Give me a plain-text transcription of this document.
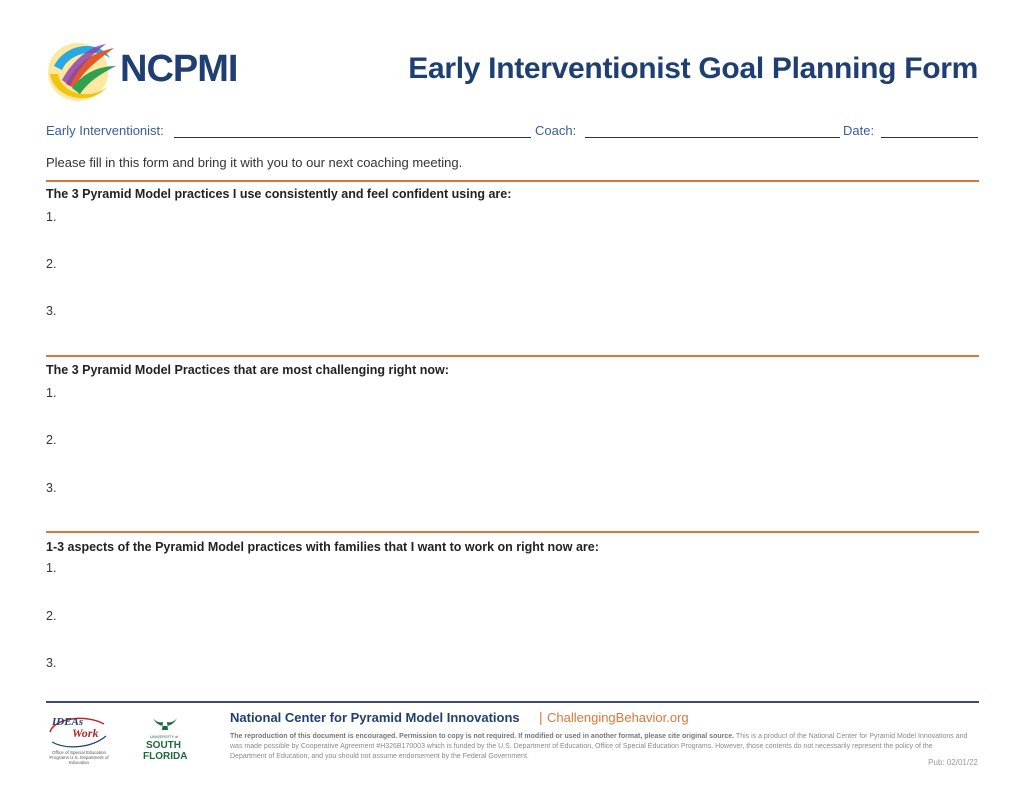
NCPMI	Early Interventionist Goal Planning Form
Early Interventionist:	Coach:	Date:
Please fill in this form and bring it with you to our next coaching meeting.
The 3 Pyramid Model practices I use consistently and feel confident using are:
1.
2.
3.
The 3 Pyramid Model Practices that are most challenging right now:
1.
2.
3.
1-3 aspects of the Pyramid Model practices with families that I want to work on right now are:
1.
2.
3.
IDEAs
Work
Office of Special Education Programs U.S. Department of Education
UNIVERSITY of
SOUTH
FLORIDA
National Center for Pyramid Model Innovations | ChallengingBehavior.org
The reproduction of this document is encouraged. Permission to copy is not required. If modified or used in another format, please cite original source. This is a product of the National Center for Pyramid Model Innovations and was made possible by Cooperative Agreement #H326B170003 which is funded by the U.S. Department of Education, Office of Special Education Programs. However, those contents do not necessarily represent the policy of the Department of Education, and you should not assume endorsement by the Federal Government.
Pub: 02/01/22
